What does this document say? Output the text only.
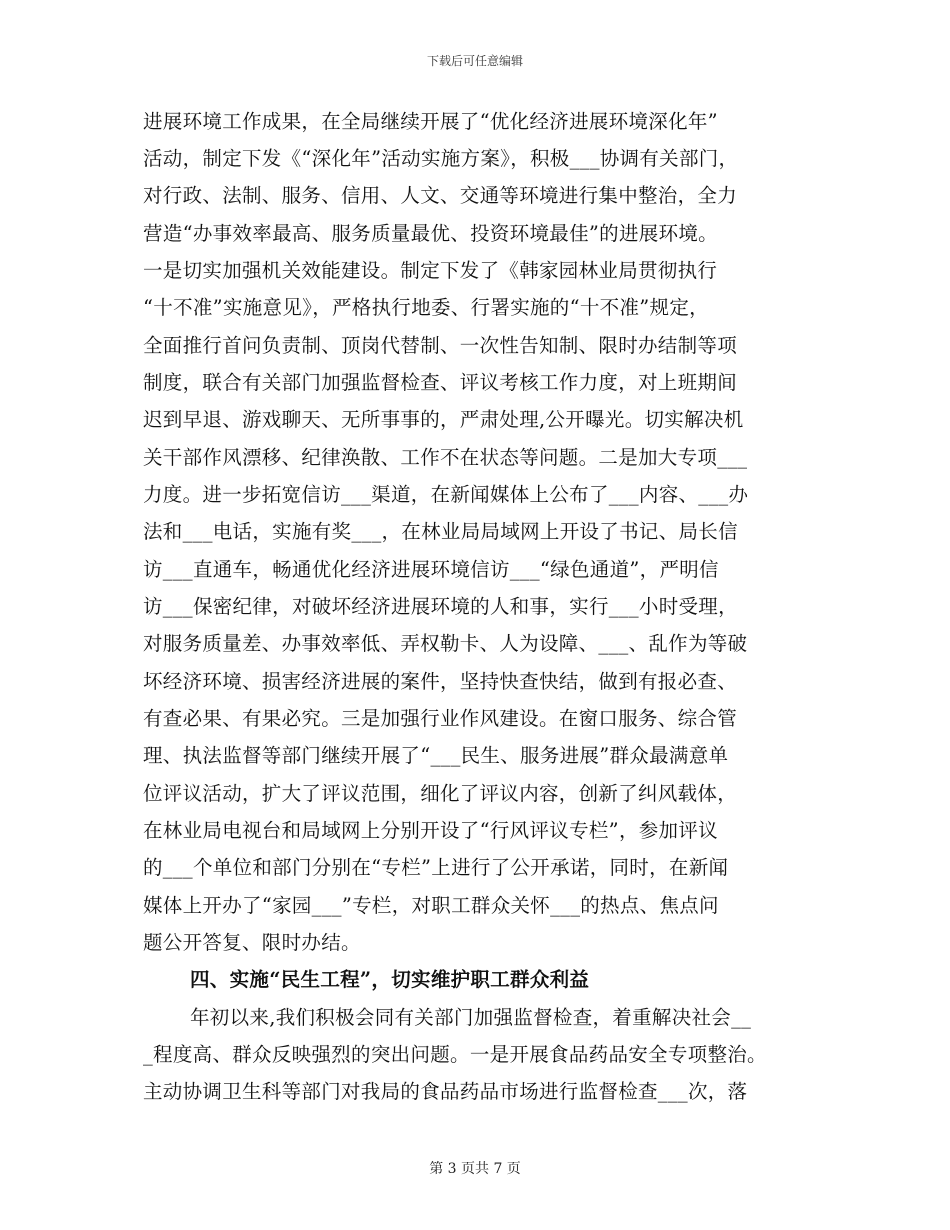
下载后可任意编辑
进展环境工作成果，在全局继续开展了“优化经济进展环境深化年”
活动，制定下发《“深化年”活动实施方案》，积极___协调有关部门，
对行政、法制、服务、信用、人文、交通等环境进行集中整治，全力
营造“办事效率最高、服务质量最优、投资环境最佳”的进展环境。
一是切实加强机关效能建设。制定下发了《韩家园林业局贯彻执行
“十不准”实施意见》，严格执行地委、行署实施的“十不准”规定，
全面推行首问负责制、顶岗代替制、一次性告知制、限时办结制等项
制度，联合有关部门加强监督检查、评议考核工作力度，对上班期间
迟到早退、游戏聊天、无所事事的，严肃处理,公开曝光。切实解决机
关干部作风漂移、纪律涣散、工作不在状态等问题。二是加大专项___
力度。进一步拓宽信访___渠道，在新闻媒体上公布了___内容、___办
法和___电话，实施有奖___，在林业局局域网上开设了书记、局长信
访___直通车，畅通优化经济进展环境信访___“绿色通道”，严明信
访___保密纪律，对破坏经济进展环境的人和事，实行___小时受理，
对服务质量差、办事效率低、弄权勒卡、人为设障、___、乱作为等破
坏经济环境、损害经济进展的案件，坚持快查快结，做到有报必查、
有查必果、有果必究。三是加强行业作风建设。在窗口服务、综合管
理、执法监督等部门继续开展了“___民生、服务进展”群众最满意单
位评议活动，扩大了评议范围，细化了评议内容，创新了纠风载体，
在林业局电视台和局域网上分别开设了“行风评议专栏”，参加评议
的___个单位和部门分别在“专栏”上进行了公开承诺，同时，在新闻
媒体上开办了“家园___”专栏，对职工群众关怀___的热点、焦点问
题公开答复、限时办结。
四、实施“民生工程”，切实维护职工群众利益
年初以来,我们积极会同有关部门加强监督检查，着重解决社会__
_程度高、群众反映强烈的突出问题。一是开展食品药品安全专项整治。
主动协调卫生科等部门对我局的食品药品市场进行监督检查___次，落
第 3 页共 7 页
